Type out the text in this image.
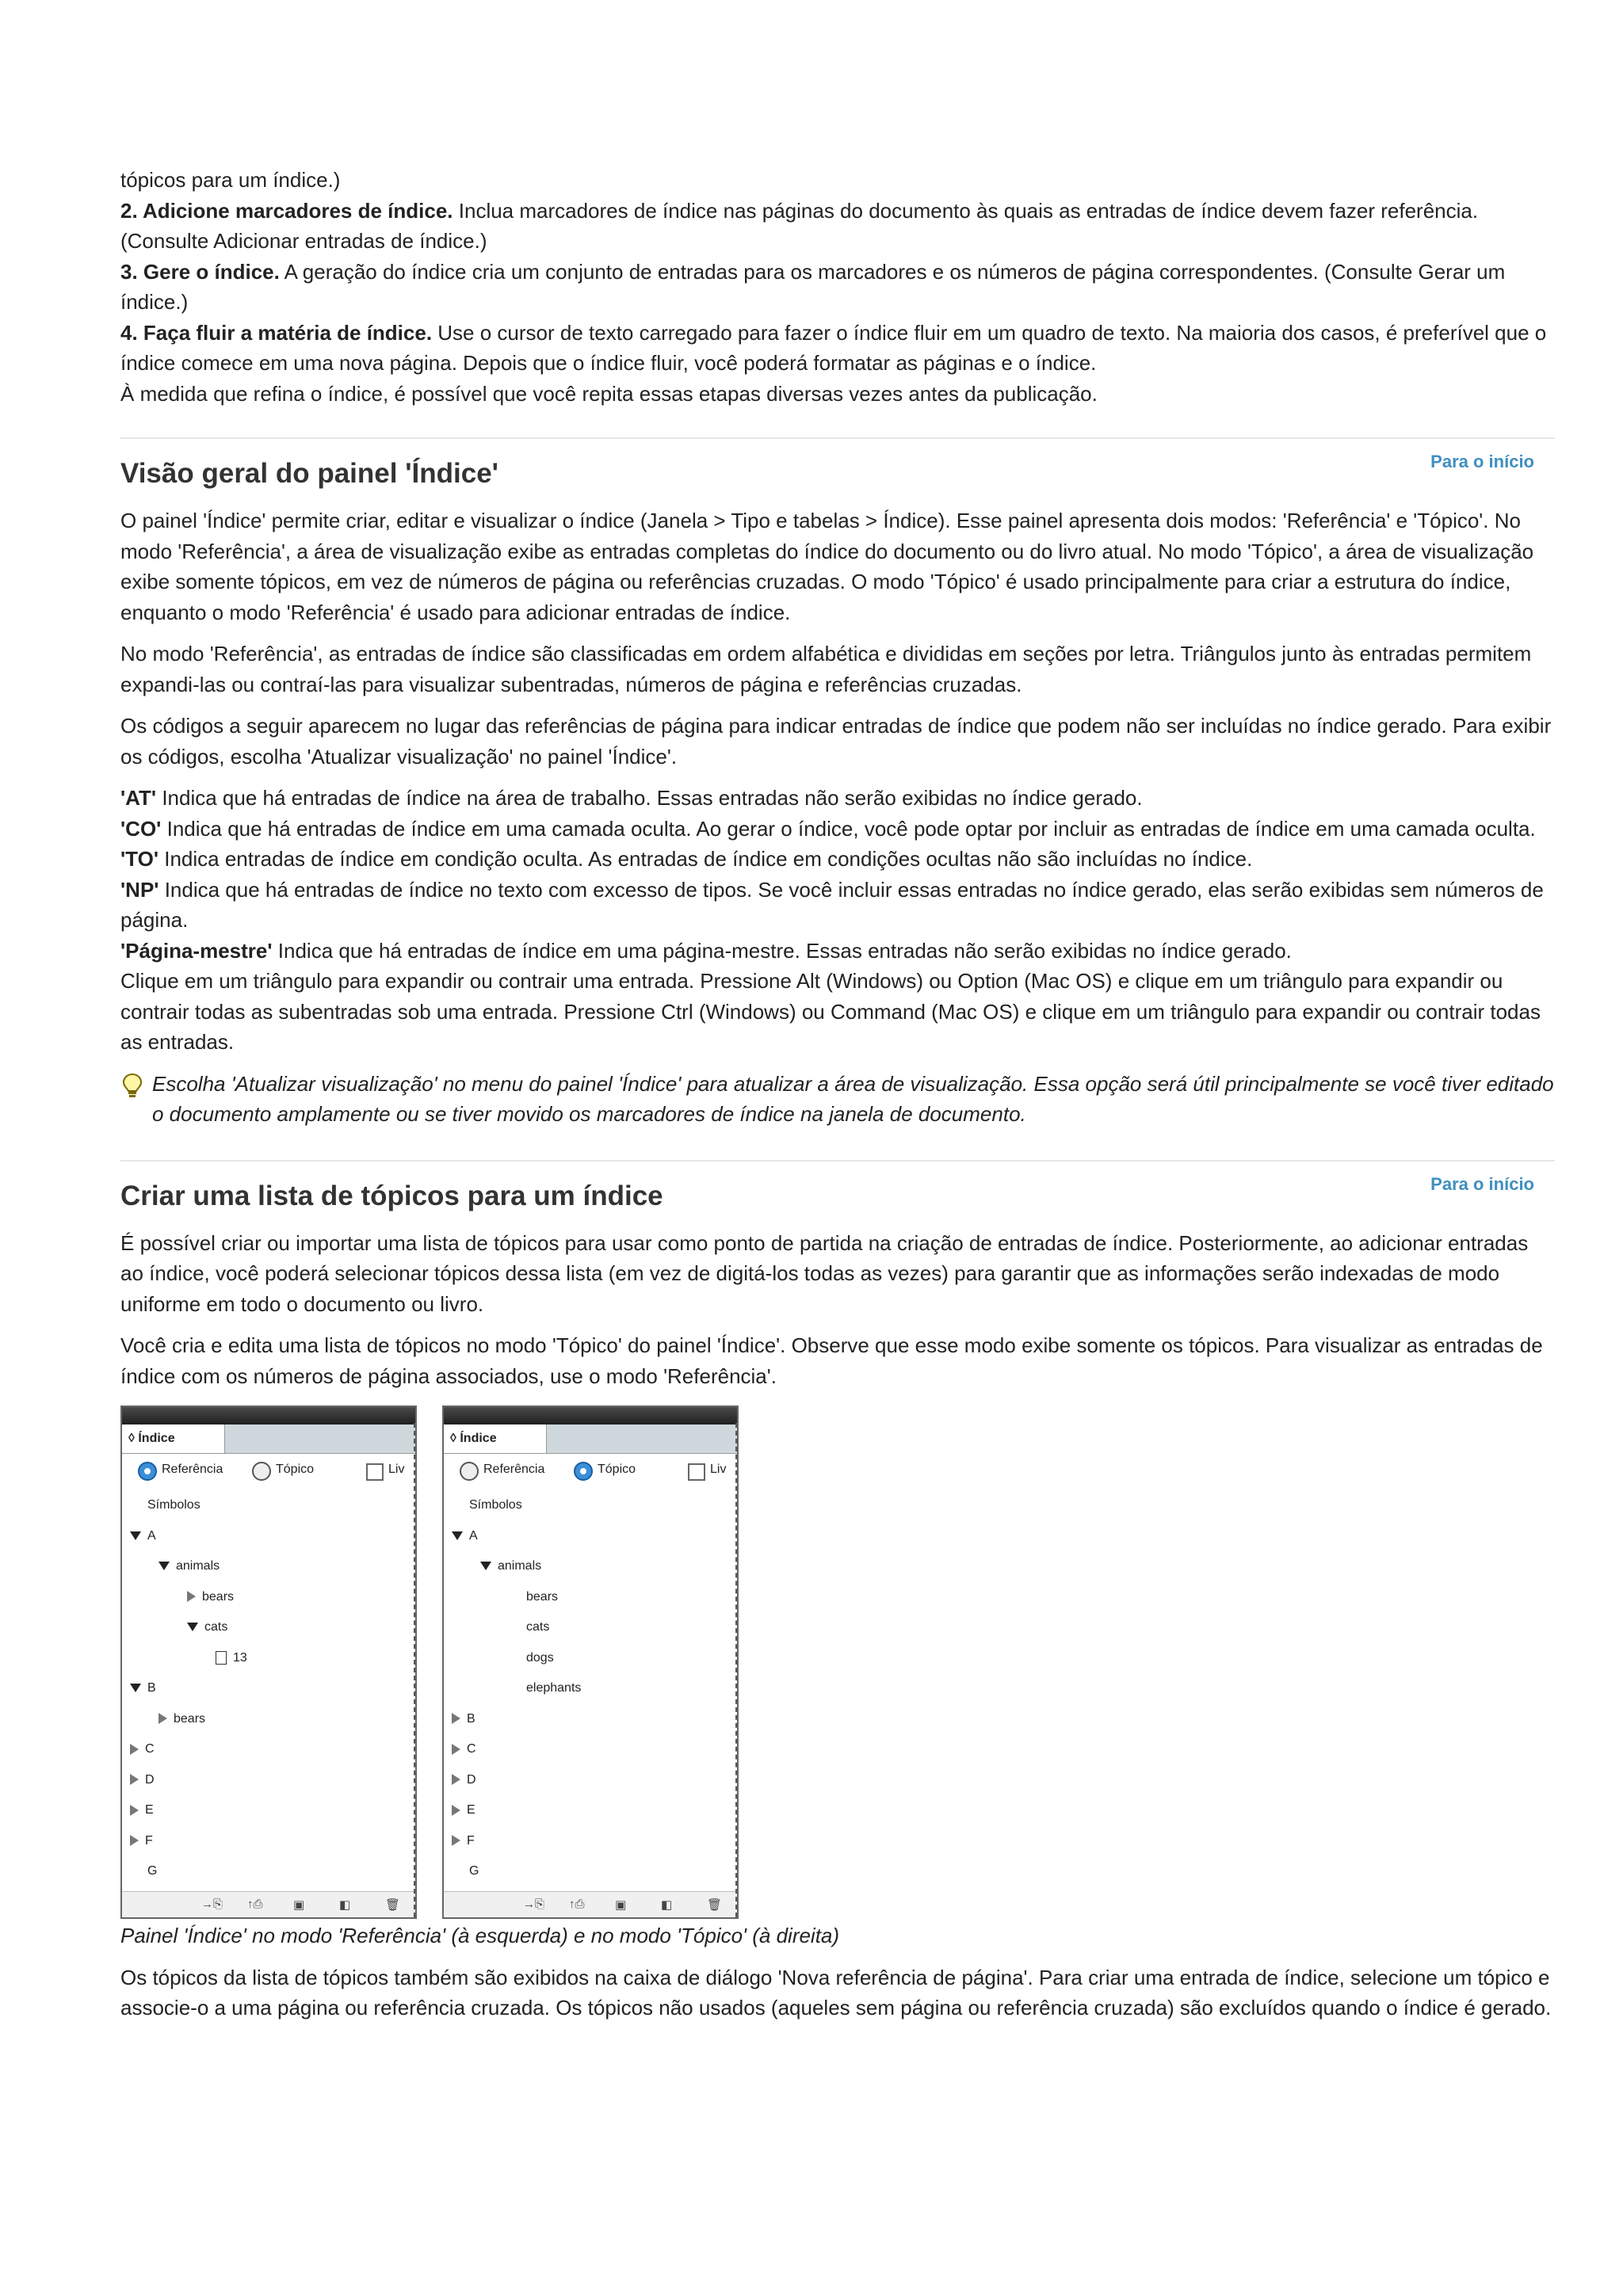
tópicos para um índice.)

2. Adicione marcadores de índice. Inclua marcadores de índice nas páginas do documento às quais as entradas de índice devem fazer referência. (Consulte Adicionar entradas de índice.)

3. Gere o índice. A geração do índice cria um conjunto de entradas para os marcadores e os números de página correspondentes. (Consulte Gerar um índice.)

4. Faça fluir a matéria de índice. Use o cursor de texto carregado para fazer o índice fluir em um quadro de texto. Na maioria dos casos, é preferível que o índice comece em uma nova página. Depois que o índice fluir, você poderá formatar as páginas e o índice.

À medida que refina o índice, é possível que você repita essas etapas diversas vezes antes da publicação.

Visão geral do painel 'Índice'	Para o início

O painel 'Índice' permite criar, editar e visualizar o índice (Janela > Tipo e tabelas > Índice). Esse painel apresenta dois modos: 'Referência' e 'Tópico'. No modo 'Referência', a área de visualização exibe as entradas completas do índice do documento ou do livro atual. No modo 'Tópico', a área de visualização exibe somente tópicos, em vez de números de página ou referências cruzadas. O modo 'Tópico' é usado principalmente para criar a estrutura do índice, enquanto o modo 'Referência' é usado para adicionar entradas de índice.

No modo 'Referência', as entradas de índice são classificadas em ordem alfabética e divididas em seções por letra. Triângulos junto às entradas permitem expandi-las ou contraí-las para visualizar subentradas, números de página e referências cruzadas.

Os códigos a seguir aparecem no lugar das referências de página para indicar entradas de índice que podem não ser incluídas no índice gerado. Para exibir os códigos, escolha 'Atualizar visualização' no painel 'Índice'.

'AT' Indica que há entradas de índice na área de trabalho. Essas entradas não serão exibidas no índice gerado.

'CO' Indica que há entradas de índice em uma camada oculta. Ao gerar o índice, você pode optar por incluir as entradas de índice em uma camada oculta.

'TO' Indica entradas de índice em condição oculta. As entradas de índice em condições ocultas não são incluídas no índice.

'NP' Indica que há entradas de índice no texto com excesso de tipos. Se você incluir essas entradas no índice gerado, elas serão exibidas sem números de página.

'Página-mestre' Indica que há entradas de índice em uma página-mestre. Essas entradas não serão exibidas no índice gerado.

Clique em um triângulo para expandir ou contrair uma entrada. Pressione Alt (Windows) ou Option (Mac OS) e clique em um triângulo para expandir ou contrair todas as subentradas sob uma entrada. Pressione Ctrl (Windows) ou Command (Mac OS) e clique em um triângulo para expandir ou contrair todas as entradas.

Escolha 'Atualizar visualização' no menu do painel 'Índice' para atualizar a área de visualização. Essa opção será útil principalmente se você tiver editado o documento amplamente ou se tiver movido os marcadores de índice na janela de documento.

Criar uma lista de tópicos para um índice	Para o início

É possível criar ou importar uma lista de tópicos para usar como ponto de partida na criação de entradas de índice. Posteriormente, ao adicionar entradas ao índice, você poderá selecionar tópicos dessa lista (em vez de digitá-los todas as vezes) para garantir que as informações serão indexadas de modo uniforme em todo o documento ou livro.

Você cria e edita uma lista de tópicos no modo 'Tópico' do painel 'Índice'. Observe que esse modo exibe somente os tópicos. Para visualizar as entradas de índice com os números de página associados, use o modo 'Referência'.

◊ Índice
Referência	Tópico	Liv
Símbolos
A
animals
bears
cats
13
B
bears
C
D
E
F
G
→⎘ ↑⎙	▣	◧	🗑
◊ Índice
Referência	Tópico	Liv
Símbolos
A
animals
bears
cats
dogs
elephants
B
C
D
E
F
G
→⎘ ↑⎙	▣	◧	🗑

Painel 'Índice' no modo 'Referência' (à esquerda) e no modo 'Tópico' (à direita)

Os tópicos da lista de tópicos também são exibidos na caixa de diálogo 'Nova referência de página'. Para criar uma entrada de índice, selecione um tópico e associe-o a uma página ou referência cruzada. Os tópicos não usados (aqueles sem página ou referência cruzada) são excluídos quando o índice é gerado.
